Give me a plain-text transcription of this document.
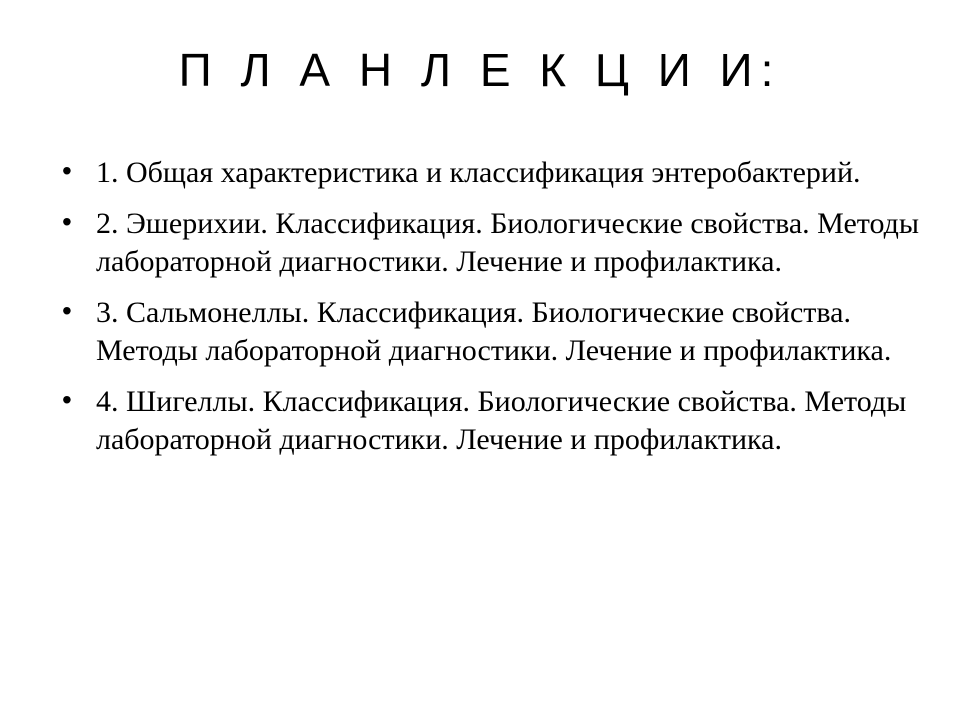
П Л А Н Л Е К Ц И И:
• 1. Общая характеристика и классификация энтеробактерий.
• 2. Эшерихии. Классификация. Биологические свойства. Методы лабораторной диагностики. Лечение и профилактика.
• 3. Сальмонеллы. Классификация. Биологические свойства. Методы лабораторной диагностики. Лечение и профилактика.
• 4. Шигеллы. Классификация. Биологические свойства. Методы лабораторной диагностики. Лечение и профилактика.
